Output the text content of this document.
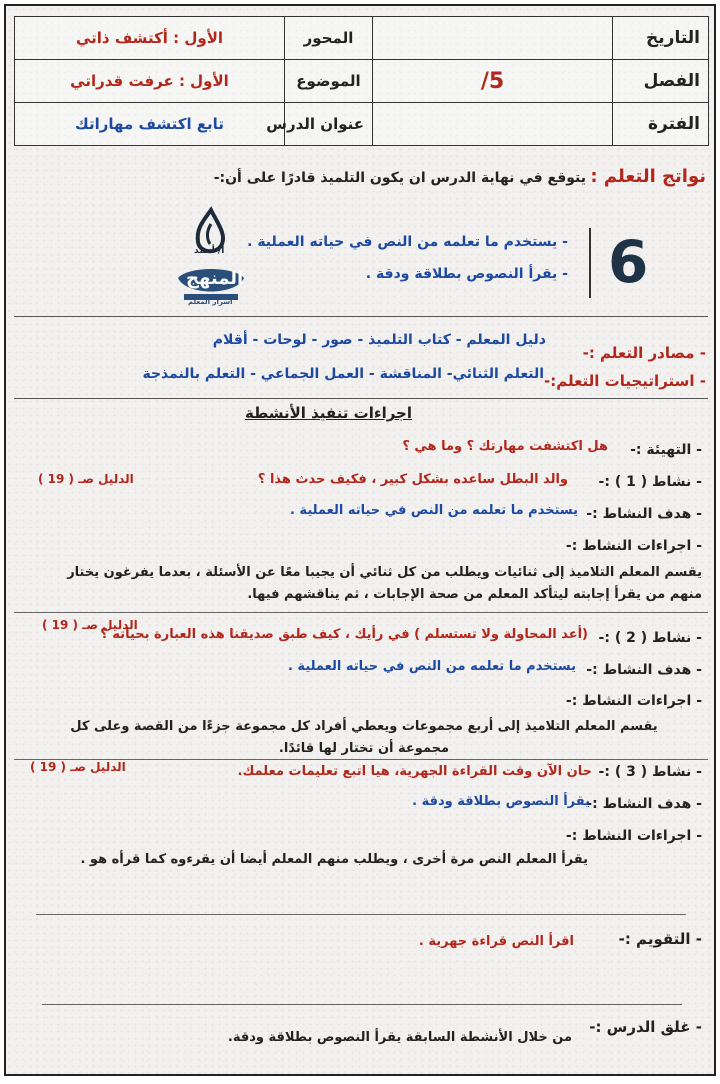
التاريخ		المحور	الأول : أكتشف ذاتي
الفصل	/5	الموضوع	الأول : عرفت قدراتي
الفترة		عنوان الدرس	تابع اكتشف مهاراتك
نواتج التعلم :
يتوقع في نهاية الدرس ان يكون التلميذ قادرًا على أن:-
6
- يستخدم ما تعلمه من النص في حياته العملية .
- يقرأ النصوص بطلاقة ودقة .
أ/ أحمد
المنهج
أسرار المعلم
- مصادر التعلم :-
دليل المعلم - كتاب التلميذ - صور - لوحات - أقلام
- استراتيجيات التعلم:-
التعلم الثنائي- المناقشة - العمل الجماعي - التعلم بالنمذجة
اجراءات تنفيذ الأنشطة
- التهيئة :-
هل اكتشفت مهارتك ؟ وما هي ؟
- نشاط ( 1 ) :-
والد البطل ساعده بشكل كبير ، فكيف حدث هذا ؟
الدليل صـ ( 19 )
- هدف النشاط :-
يستخدم ما تعلمه من النص في حياته العملية .
- اجراءات النشاط :-
يقسم المعلم التلاميذ إلى ثنائيات ويطلب من كل ثنائي أن يجيبا معًا عن الأسئلة ، بعدما يفرغون يختار منهم من يقرأ إجابته ليتأكد المعلم من صحة الإجابات ، ثم يناقشهم فيها.
- نشاط ( 2 ) :-
(أعد المحاولة ولا تستسلم ) في رأيك ، كيف طبق صديقنا هذه العبارة بحياته ؟
الدليل صـ ( 19 )
- هدف النشاط :-
يستخدم ما تعلمه من النص في حياته العملية .
- اجراءات النشاط :-
يقسم المعلم التلاميذ إلى أربع مجموعات ويعطي أفراد كل مجموعة جزءًا من القصة وعلى كل مجموعة أن تختار لها قائدًا.
- نشاط ( 3 ) :-
حان الآن وقت القراءة الجهرية، هيا اتبع تعليمات معلمك.
الدليل صـ ( 19 )
- هدف النشاط :-
يقرأ النصوص بطلاقة ودقة .
- اجراءات النشاط :-
يقرأ المعلم النص مرة أخرى ، ويطلب منهم المعلم أيضا أن يقرءوه كما قرأه هو .
- التقويم :-
اقرأ النص قراءة جهرية .
- غلق الدرس :-
من خلال الأنشطة السابقة يقرأ النصوص بطلاقة ودقة.
